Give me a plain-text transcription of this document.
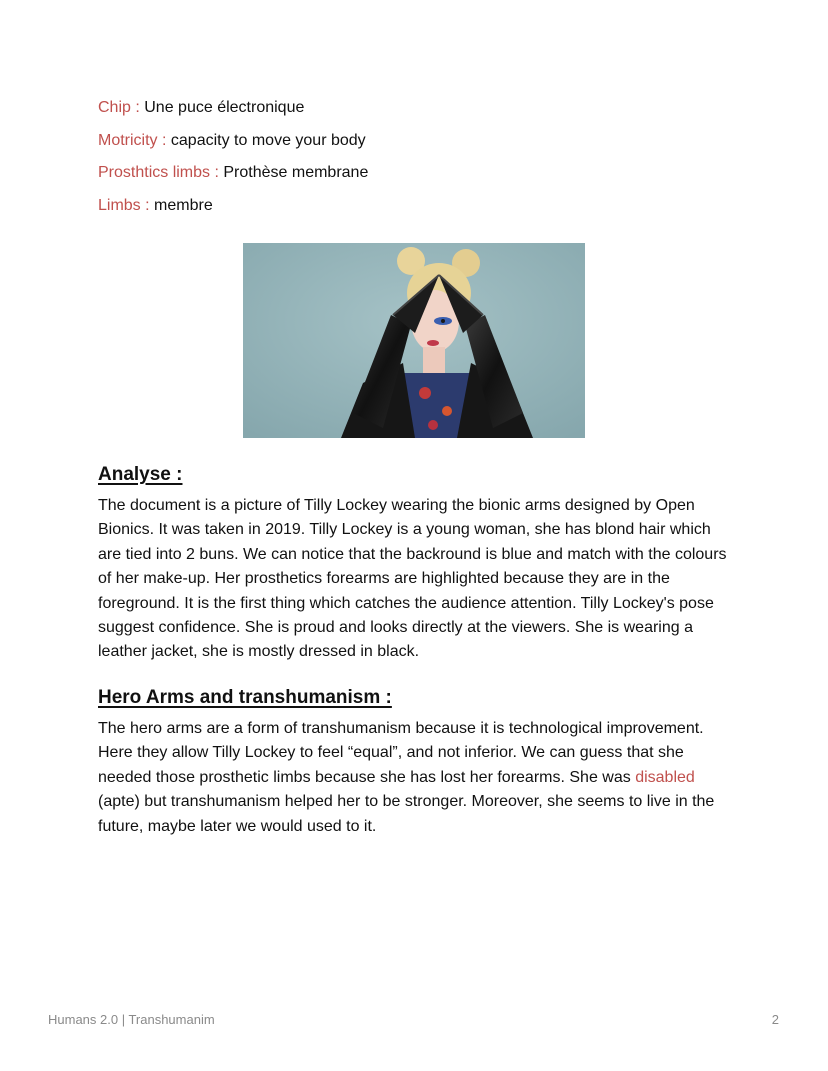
Chip : Une puce électronique
Motricity : capacity to move your body
Prosthtics limbs : Prothèse membrane
Limbs : membre
Analyse :

The document is a picture of Tilly Lockey wearing the bionic arms designed by Open Bionics. It was taken in 2019. Tilly Lockey is a young woman, she has blond hair which are tied into 2 buns. We can notice that the backround is blue and match with the colours of her make-up. Her prosthetics forearms are highlighted because they are in the foreground. It is the first thing which catches the audience attention. Tilly Lockey's pose suggest confidence. She is proud and looks directly at the viewers. She is wearing a leather jacket, she is mostly dressed in black.

Hero Arms and transhumanism :

The hero arms are a form of transhumanism because it is technological improvement. Here they allow Tilly Lockey to feel “equal”, and not inferior. We can guess that she needed those prosthetic limbs because she has lost her forearms. She was disabled (apte) but transhumanism helped her to be stronger. Moreover, she seems to live in the future, maybe later we would used to it.

Humans 2.0 | Transhumanim	2
